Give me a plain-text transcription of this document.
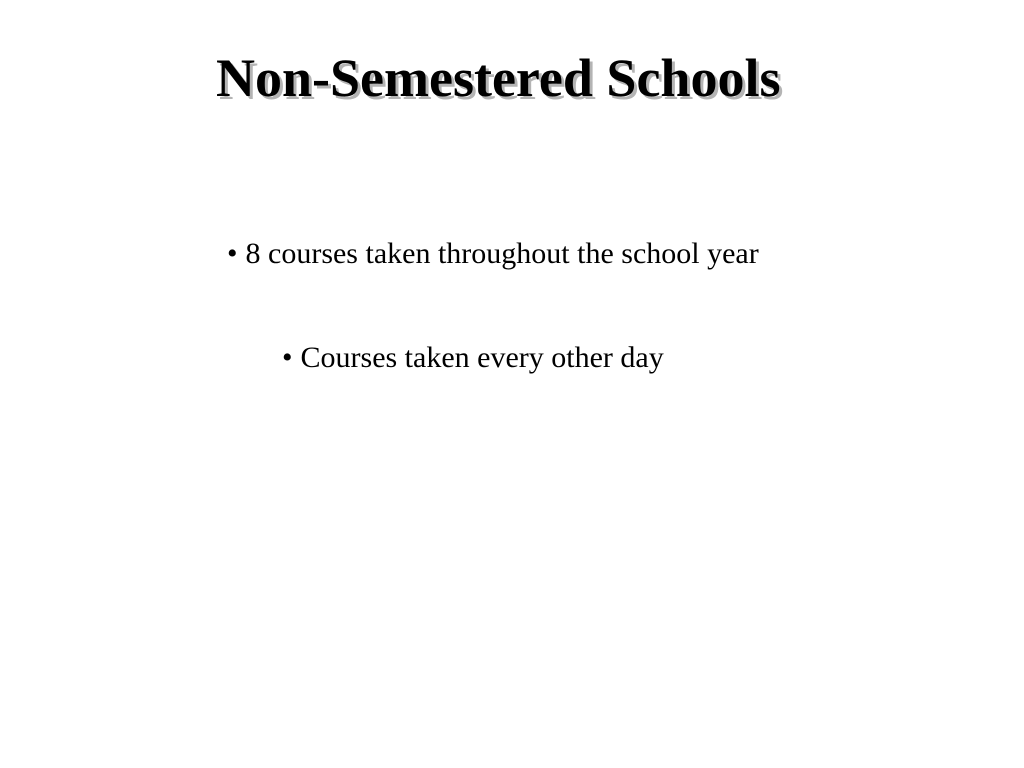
Non-Semestered Schools

• 8 courses taken throughout the school year

• Courses taken every other day
